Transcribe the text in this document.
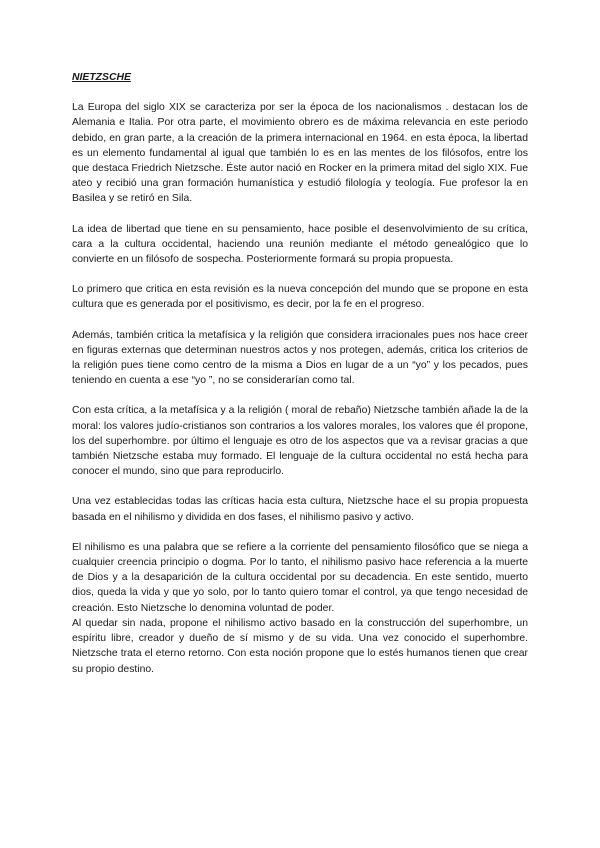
NIETZSCHE

La Europa del siglo XIX se caracteriza por ser la época de los nacionalismos . destacan los de Alemania e Italia. Por otra parte, el movimiento obrero es de máxima relevancia en este periodo debido, en gran parte, a la creación de la primera internacional en 1964. en esta época, la libertad es un elemento fundamental al igual que también lo es en las mentes de los filósofos, entre los que destaca Friedrich Nietzsche. Éste autor nació en Rocker en la primera mitad del siglo XIX. Fue ateo y recibió una gran formación humanística y estudió filología y teología. Fue profesor la en Basilea y se retiró en Sila.

La idea de libertad que tiene en su pensamiento, hace posible el desenvolvimiento de su crítica, cara a la cultura occidental, haciendo una reunión mediante el método genealógico que lo convierte en un filósofo de sospecha. Posteriormente formará su propia propuesta.

Lo primero que critica en esta revisión es la nueva concepción del mundo que se propone en esta cultura que es generada por el positivismo, es decir, por la fe en el progreso.

Además, también critica la metafísica y la religión que considera irracionales pues nos hace creer en figuras externas que determinan nuestros actos y nos protegen, además, critica los criterios de la religión pues tiene como centro de la misma a Dios en lugar de a un “yo” y los pecados, pues teniendo en cuenta a ese “yo ”, no se considerarían como tal.

Con esta crítica, a la metafísica y a la religión ( moral de rebaño) Nietzsche también añade la de la moral: los valores judío-cristianos son contrarios a los valores morales, los valores que él propone, los del superhombre. por último el lenguaje es otro de los aspectos que va a revisar gracias a que también Nietzsche estaba muy formado. El lenguaje de la cultura occidental no está hecha para conocer el mundo, sino que para reproducirlo.

Una vez establecidas todas las críticas hacia esta cultura, Nietzsche hace el su propia propuesta basada en el nihilismo y dividida en dos fases, el nihilismo pasivo y activo.

El nihilismo es una palabra que se refiere a la corriente del pensamiento filosófico que se niega a cualquier creencia principio o dogma. Por lo tanto, el nihilismo pasivo hace referencia a la muerte de Dios y a la desaparición de la cultura occidental por su decadencia. En este sentido, muerto dios, queda la vida y que yo solo, por lo tanto quiero tomar el control, ya que tengo necesidad de creación. Esto Nietzsche lo denomina voluntad de poder.

Al quedar sin nada, propone el nihilismo activo basado en la construcción del superhombre, un espíritu libre, creador y dueño de sí mismo y de su vida. Una vez conocido el superhombre. Nietzsche trata el eterno retorno. Con esta noción propone que lo estés humanos tienen que crear su propio destino.
